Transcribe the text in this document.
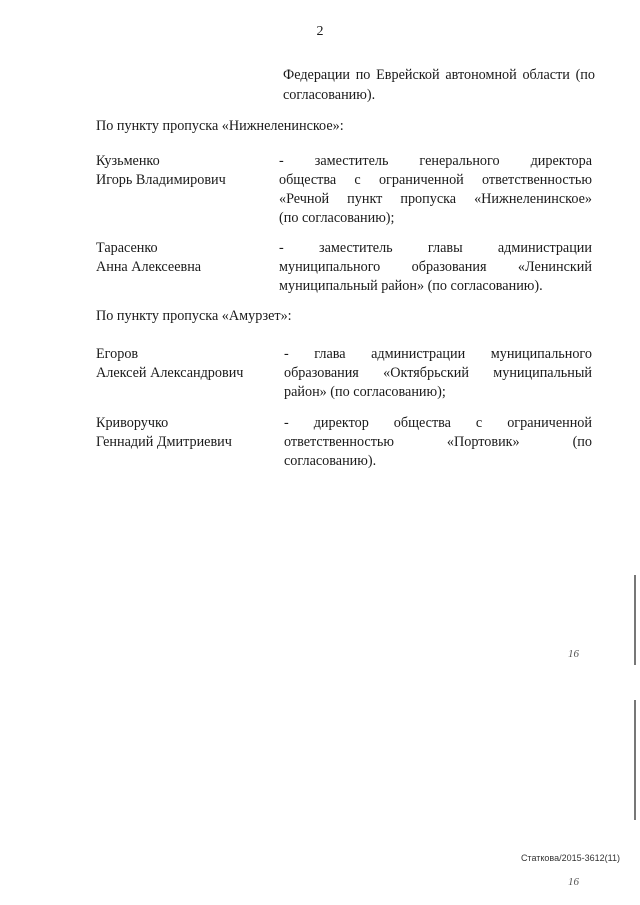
2
Федерации по Еврейской автономной области (по согласованию).
По пункту пропуска «Нижнеленинское»:
Кузьменко
Игорь Владимирович
- заместитель генерального директора
общества с ограниченной ответственностью
«Речной пункт пропуска «Нижнеленинское»
(по согласованию);
Тарасенко
Анна Алексеевна
- заместитель главы администрации
муниципального образования «Ленинский
муниципальный район» (по согласованию).
По пункту пропуска «Амурзет»:
Егоров
Алексей Александрович
- глава администрации муниципального
образования «Октябрьский муниципальный
район» (по согласованию);
Криворучко
Геннадий Дмитриевич
- директор общества с ограниченной
ответственностью «Портовик» (по
согласованию).
16
Статкова/2015-3612(11)
16
